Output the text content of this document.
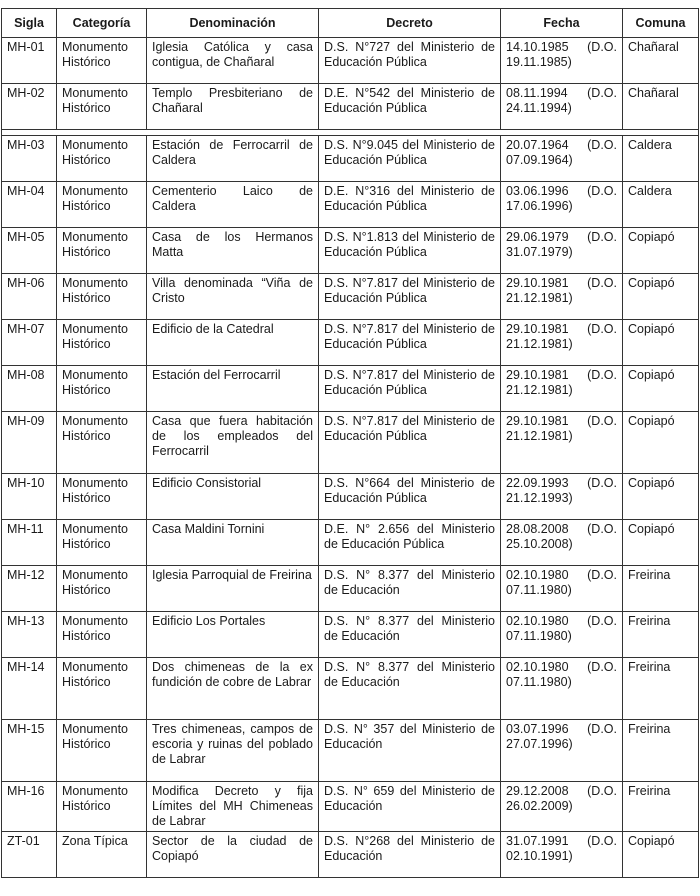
Sigla	Categoría	Denominación	Decreto	Fecha	Comuna
MH-01	Monumento Histórico	Iglesia Católica y casa contigua, de Chañaral	D.S. N°727 del Ministerio de Educación Pública	14.10.1985 (D.O. 19.11.1985)	Chañaral
MH-02	Monumento Histórico	Templo Presbiteriano de Chañaral	D.E. N°542 del Ministerio de Educación Pública	08.11.1994 (D.O. 24.11.1994)	Chañaral

MH-03	Monumento Histórico	Estación de Ferrocarril de Caldera	D.S. N°9.045 del Ministerio de Educación Pública	20.07.1964 (D.O. 07.09.1964)	Caldera
MH-04	Monumento Histórico	Cementerio Laico de Caldera	D.E. N°316 del Ministerio de Educación Pública	03.06.1996 (D.O. 17.06.1996)	Caldera
MH-05	Monumento Histórico	Casa de los Hermanos Matta	D.S. N°1.813 del Ministerio de Educación Pública	29.06.1979 (D.O. 31.07.1979)	Copiapó
MH-06	Monumento Histórico	Villa denominada “Viña de Cristo	D.S. N°7.817 del Ministerio de Educación Pública	29.10.1981 (D.O. 21.12.1981)	Copiapó
MH-07	Monumento Histórico	Edificio de la Catedral	D.S. N°7.817 del Ministerio de Educación Pública	29.10.1981 (D.O. 21.12.1981)	Copiapó
MH-08	Monumento Histórico	Estación del Ferrocarril	D.S. N°7.817 del Ministerio de Educación Pública	29.10.1981 (D.O. 21.12.1981)	Copiapó
MH-09	Monumento Histórico	Casa que fuera habitación de los empleados del Ferrocarril	D.S. N°7.817 del Ministerio de Educación Pública	29.10.1981 (D.O. 21.12.1981)	Copiapó
MH-10	Monumento Histórico	Edificio Consistorial	D.S. N°664 del Ministerio de Educación Pública	22.09.1993 (D.O. 21.12.1993)	Copiapó
MH-11	Monumento Histórico	Casa Maldini Tornini	D.E. N° 2.656 del Ministerio de Educación Pública	28.08.2008 (D.O. 25.10.2008)	Copiapó
MH-12	Monumento Histórico	Iglesia Parroquial de Freirina	D.S. N° 8.377 del Ministerio de Educación	02.10.1980 (D.O. 07.11.1980)	Freirina
MH-13	Monumento Histórico	Edificio Los Portales	D.S. N° 8.377 del Ministerio de Educación	02.10.1980 (D.O. 07.11.1980)	Freirina
MH-14	Monumento Histórico	Dos chimeneas de la ex fundición de cobre de Labrar	D.S. N° 8.377 del Ministerio de Educación	02.10.1980 (D.O. 07.11.1980)	Freirina
MH-15	Monumento Histórico	Tres chimeneas, campos de escoria y ruinas del poblado de Labrar	D.S. N° 357 del Ministerio de Educación	03.07.1996 (D.O. 27.07.1996)	Freirina
MH-16	Monumento Histórico	Modifica Decreto y fija Límites del MH Chimeneas de Labrar	D.S. N° 659 del Ministerio de Educación	29.12.2008 (D.O. 26.02.2009)	Freirina
ZT-01	Zona Típica	Sector de la ciudad de Copiapó	D.S. N°268 del Ministerio de Educación	31.07.1991 (D.O. 02.10.1991)	Copiapó
